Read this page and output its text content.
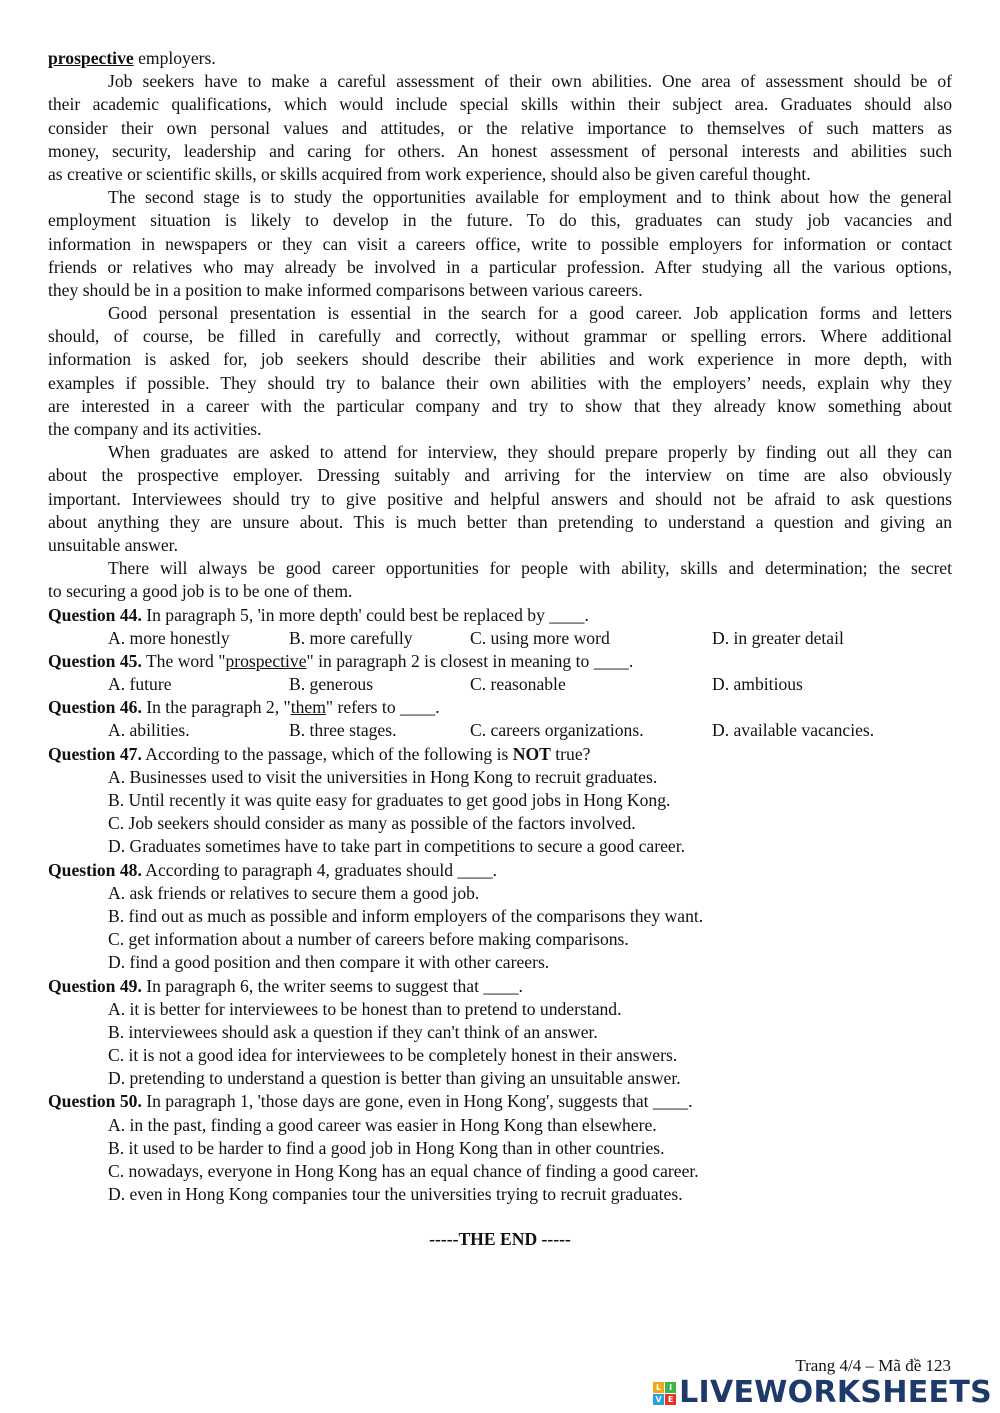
prospective employers.
Job seekers have to make a careful assessment of their own abilities. One area of assessment should be of
their academic qualifications, which would include special skills within their subject area. Graduates should also
consider their own personal values and attitudes, or the relative importance to themselves of such matters as
money, security, leadership and caring for others. An honest assessment of personal interests and abilities such
as creative or scientific skills, or skills acquired from work experience, should also be given careful thought.
The second stage is to study the opportunities available for employment and to think about how the general
employment situation is likely to develop in the future. To do this, graduates can study job vacancies and
information in newspapers or they can visit a careers office, write to possible employers for information or contact
friends or relatives who may already be involved in a particular profession. After studying all the various options,
they should be in a position to make informed comparisons between various careers.
Good personal presentation is essential in the search for a good career. Job application forms and letters
should, of course, be filled in carefully and correctly, without grammar or spelling errors. Where additional
information is asked for, job seekers should describe their abilities and work experience in more depth, with
examples if possible. They should try to balance their own abilities with the employers’ needs, explain why they
are interested in a career with the particular company and try to show that they already know something about
the company and its activities.
When graduates are asked to attend for interview, they should prepare properly by finding out all they can
about the prospective employer. Dressing suitably and arriving for the interview on time are also obviously
important. Interviewees should try to give positive and helpful answers and should not be afraid to ask questions
about anything they are unsure about. This is much better than pretending to understand a question and giving an
unsuitable answer.
There will always be good career opportunities for people with ability, skills and determination; the secret
to securing a good job is to be one of them.
Question 44. In paragraph 5, 'in more depth' could best be replaced by ____.
A. more honestly	B. more carefully	C. using more word	D. in greater detail
Question 45. The word "prospective" in paragraph 2 is closest in meaning to ____.
A. future	B. generous	C. reasonable	D. ambitious
Question 46. In the paragraph 2, "them" refers to ____.
A. abilities.	B. three stages.	C. careers organizations.	D. available vacancies.
Question 47. According to the passage, which of the following is NOT true?
A. Businesses used to visit the universities in Hong Kong to recruit graduates.
B. Until recently it was quite easy for graduates to get good jobs in Hong Kong.
C. Job seekers should consider as many as possible of the factors involved.
D. Graduates sometimes have to take part in competitions to secure a good career.
Question 48. According to paragraph 4, graduates should ____.
A. ask friends or relatives to secure them a good job.
B. find out as much as possible and inform employers of the comparisons they want.
C. get information about a number of careers before making comparisons.
D. find a good position and then compare it with other careers.
Question 49. In paragraph 6, the writer seems to suggest that ____.
A. it is better for interviewees to be honest than to pretend to understand.
B. interviewees should ask a question if they can't think of an answer.
C. it is not a good idea for interviewees to be completely honest in their answers.
D. pretending to understand a question is better than giving an unsuitable answer.
Question 50. In paragraph 1, 'those days are gone, even in Hong Kong', suggests that ____.
A. in the past, finding a good career was easier in Hong Kong than elsewhere.
B. it used to be harder to find a good job in Hong Kong than in other countries.
C. nowadays, everyone in Hong Kong has an equal chance of finding a good career.
D. even in Hong Kong companies tour the universities trying to recruit graduates.
-----THE END -----
Trang 4/4 – Mã đề 123
L I
V E LIVEWORKSHEETS
